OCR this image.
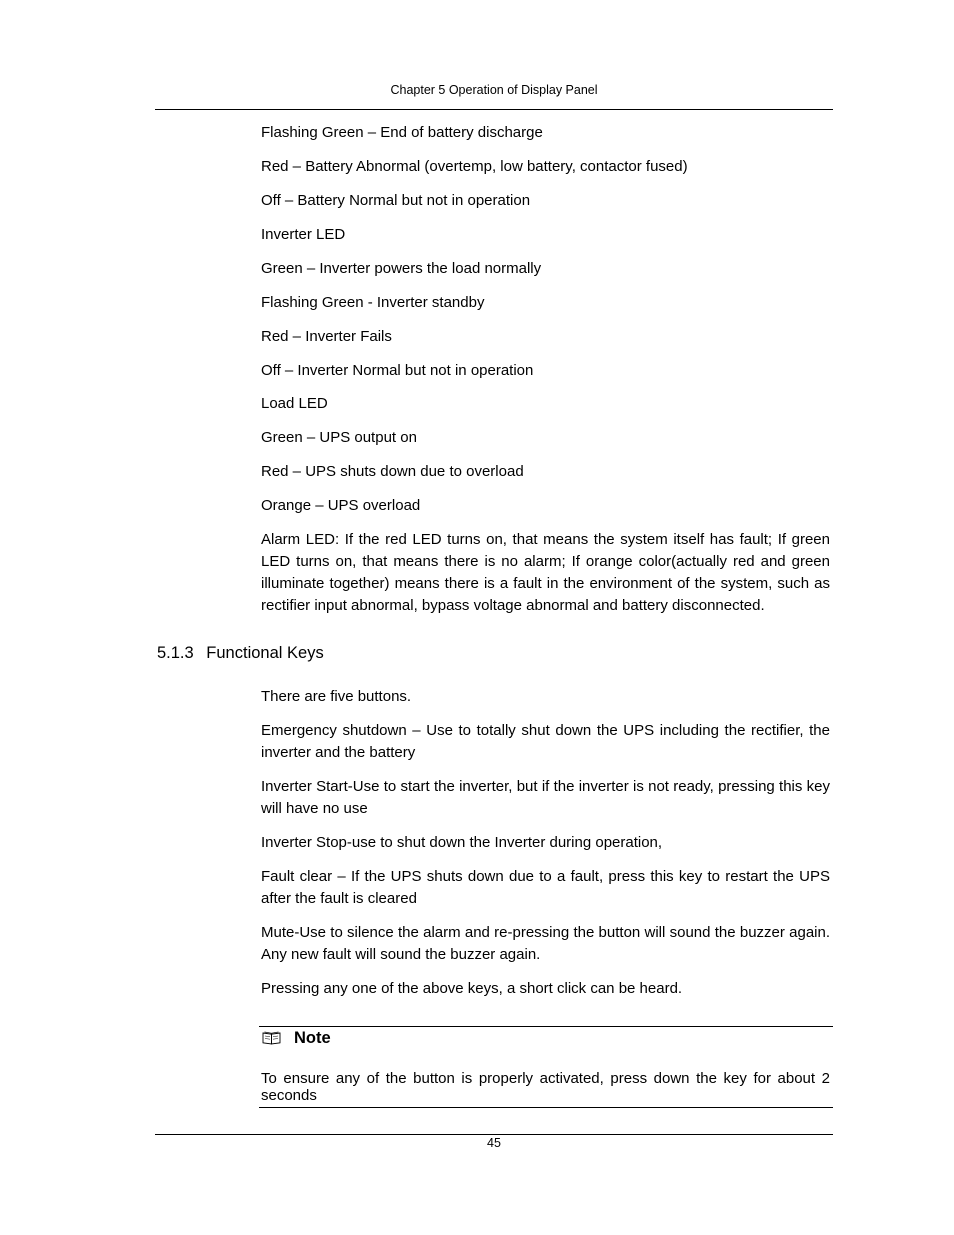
Chapter 5 Operation of Display Panel

Flashing Green – End of battery discharge

Red – Battery Abnormal (overtemp, low battery, contactor fused)

Off – Battery Normal but not in operation

Inverter LED

Green – Inverter powers the load normally

Flashing Green - Inverter standby

Red – Inverter Fails

Off – Inverter Normal but not in operation

Load LED

Green – UPS output on

Red – UPS shuts down due to overload

Orange – UPS overload

Alarm LED: If the red LED turns on, that means the system itself has fault; If green LED turns on, that means there is no alarm; If orange color(actually red and green illuminate together) means there is a fault in the environment of the system, such as rectifier input abnormal, bypass voltage abnormal and battery disconnected.

5.1.3 Functional Keys

There are five buttons.

Emergency shutdown – Use to totally shut down the UPS including the rectifier, the inverter and the battery

Inverter Start-Use to start the inverter, but if the inverter is not ready, pressing this key will have no use

Inverter Stop-use to shut down the Inverter during operation,

Fault clear – If the UPS shuts down due to a fault, press this key to restart the UPS after the fault is cleared

Mute-Use to silence the alarm and re-pressing the button will sound the buzzer again. Any new fault will sound the buzzer again.

Pressing any one of the above keys, a short click can be heard.

Note

To ensure any of the button is properly activated, press down the key for about 2 seconds

45
